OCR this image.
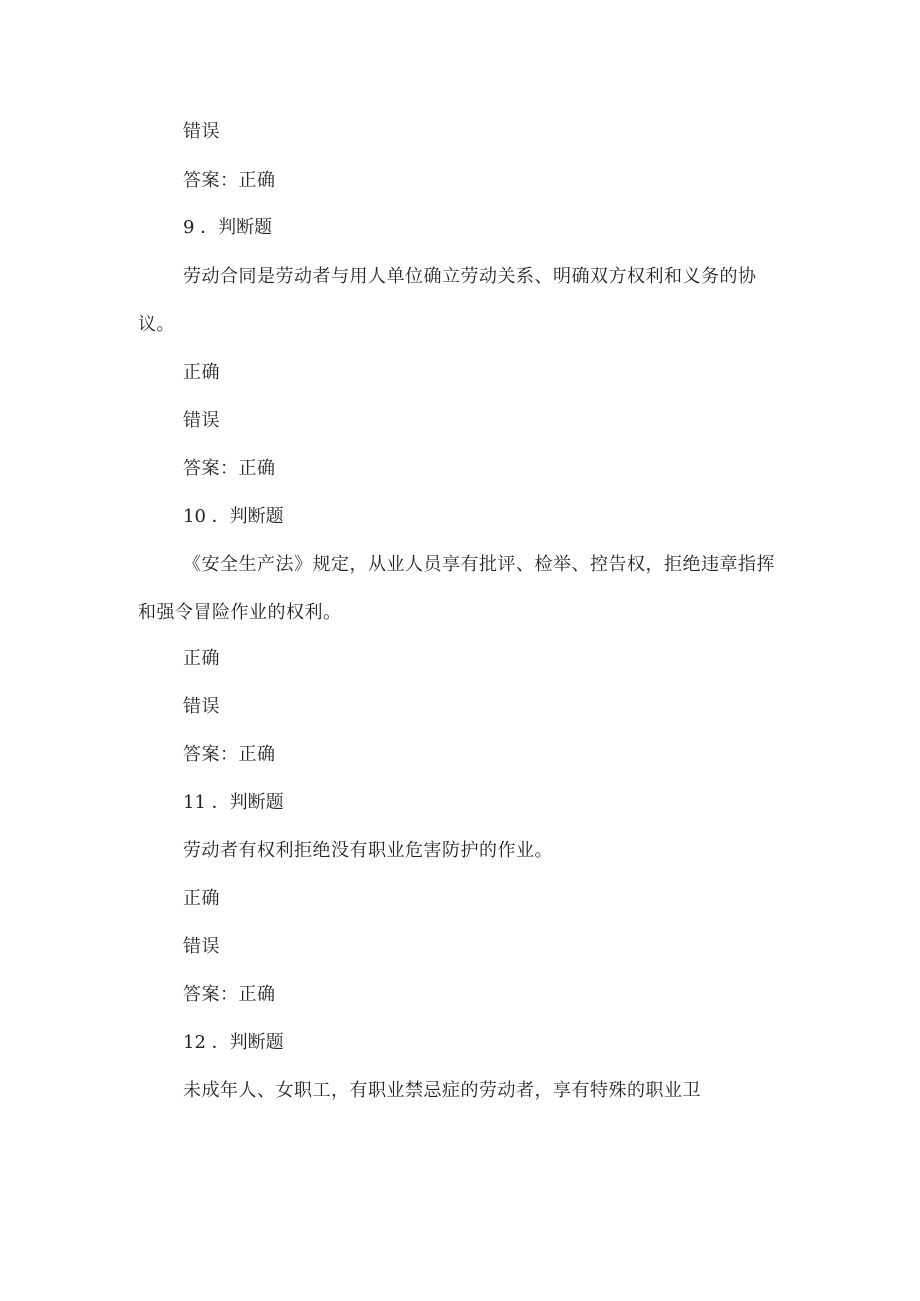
错误
答案：正确
9 ．判断题
劳动合同是劳动者与用人单位确立劳动关系、明确双方权利和义务的协
议。
正确
错误
答案：正确
10 ．判断题
《安全生产法》规定，从业人员享有批评、检举、控告权，拒绝违章指挥
和强令冒险作业的权利。
正确
错误
答案：正确
11 ．判断题
劳动者有权利拒绝没有职业危害防护的作业。
正确
错误
答案：正确
12 ．判断题
未成年人、女职工，有职业禁忌症的劳动者，享有特殊的职业卫
